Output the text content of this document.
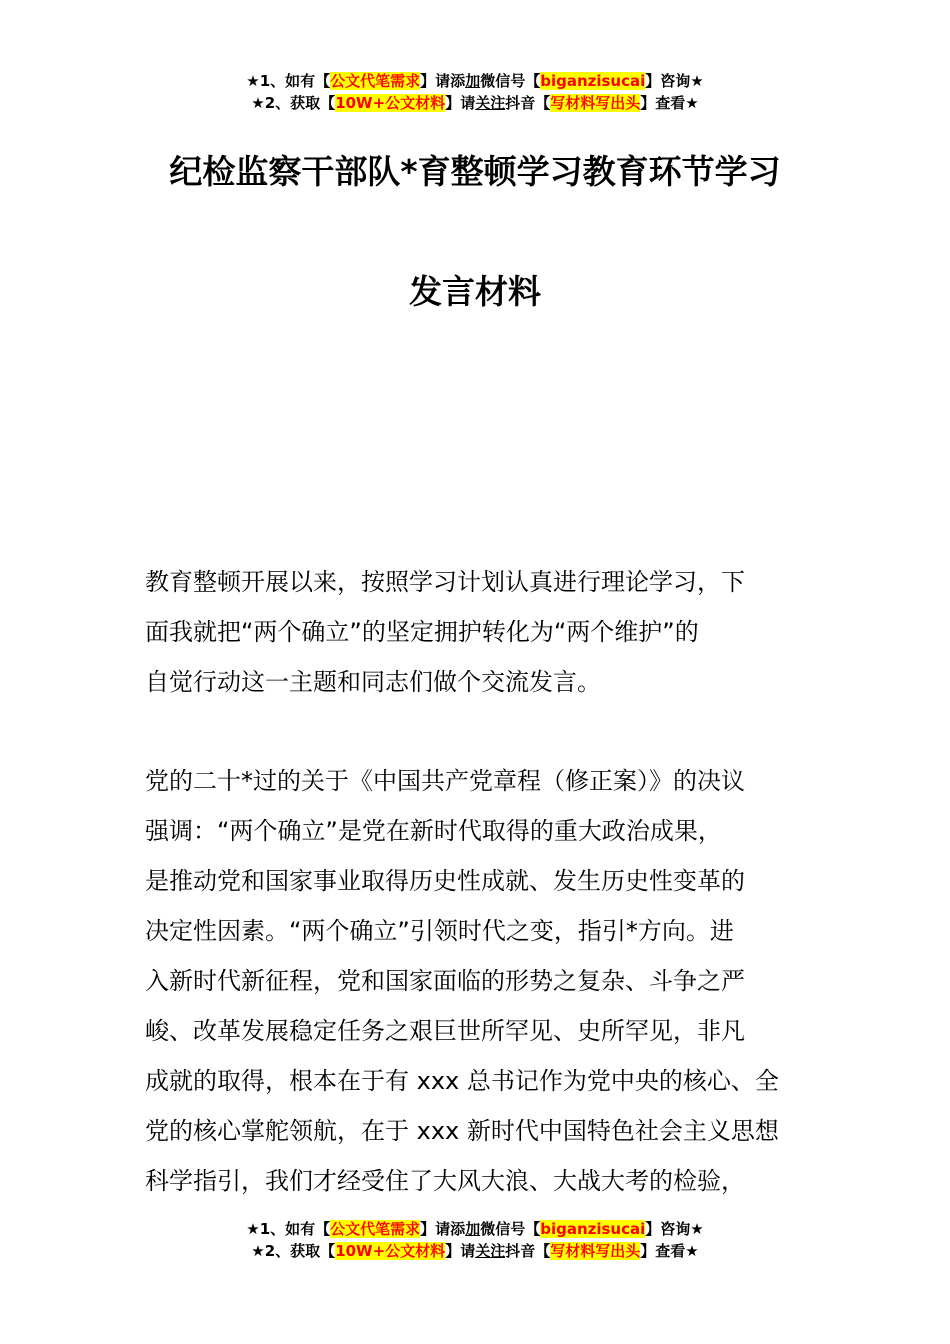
★1、如有【公文代笔需求】请添加微信号【biganzisucai】咨询★
★2、获取【10W+公文材料】请关注抖音【写材料写出头】查看★
纪检监察干部队*育整顿学习教育环节学习
发言材料
教育整顿开展以来，按照学习计划认真进行理论学习，下
面我就把“两个确立”的坚定拥护转化为“两个维护”的
自觉行动这一主题和同志们做个交流发言。
党的二十*过的关于《中国共产党章程（修正案）》的决议
强调：“两个确立”是党在新时代取得的重大政治成果，
是推动党和国家事业取得历史性成就、发生历史性变革的
决定性因素。“两个确立”引领时代之变，指引*方向。进
入新时代新征程，党和国家面临的形势之复杂、斗争之严
峻、改革发展稳定任务之艰巨世所罕见、史所罕见，非凡
成就的取得，根本在于有 xxx 总书记作为党中央的核心、全
党的核心掌舵领航，在于 xxx 新时代中国特色社会主义思想
科学指引，我们才经受住了大风大浪、大战大考的检验，
★1、如有【公文代笔需求】请添加微信号【biganzisucai】咨询★
★2、获取【10W+公文材料】请关注抖音【写材料写出头】查看★
